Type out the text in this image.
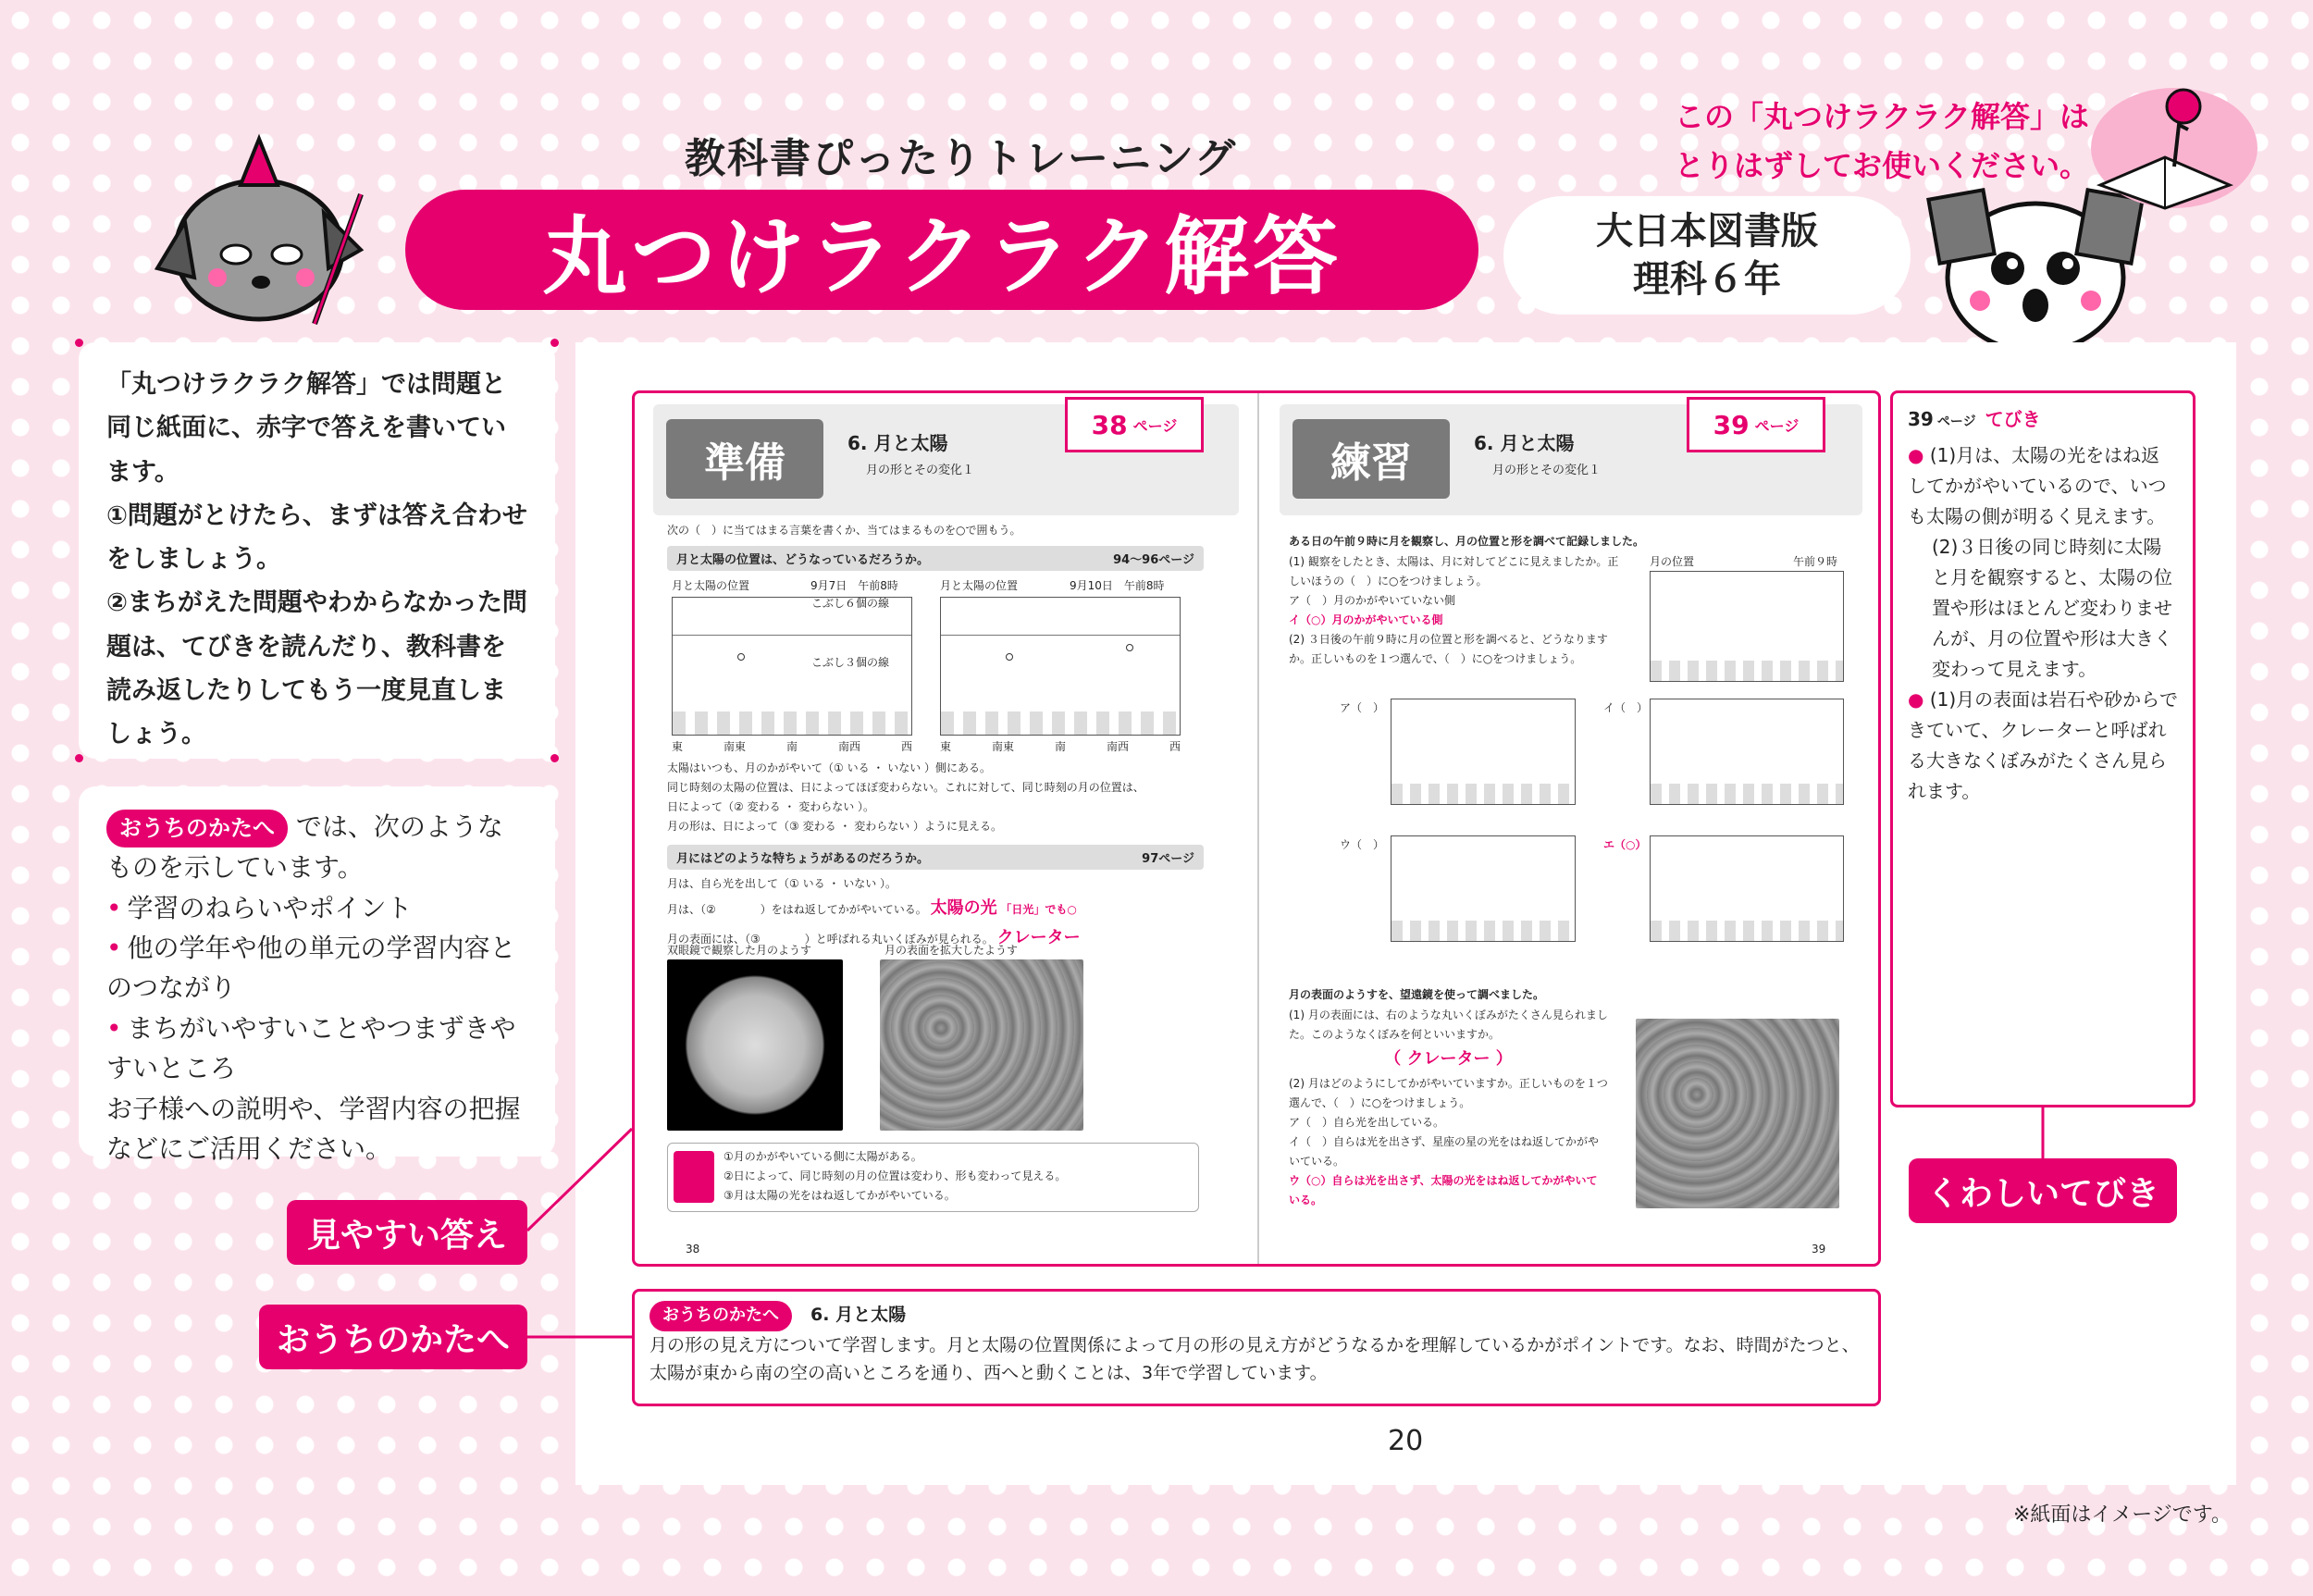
教科書ぴったりトレーニング
丸つけラクラク解答	大日本図書版
理科６年
この「丸つけラクラク解答」は
とりはずしてお使いください。

「丸つけラクラク解答」では問題と同じ紙面に、赤字で答えを書いています。

①問題がとけたら、まずは答え合わせをしましょう。

②まちがえた問題やわからなかった問題は、てびきを読んだり、教科書を読み返したりしてもう一度見直しましょう。

おうちのかたへ では、次のようなものを示しています。

• 学習のねらいやポイント

• 他の学年や他の単元の学習内容とのつながり

• まちがいやすいことやつまずきやすいところ

お子様への説明や、学習内容の把握などにご活用ください。

準備	6. 月と太陽
月の形とその変化１
38 ページ
次の（　）に当てはまる言葉を書くか、当てはまるものを○で囲もう。
月と太陽の位置は、どうなっているだろうか。	94〜96ページ
月と太陽の位置	9月7日　午前8時
こぶし６個の線
こぶし３個の線
月と太陽の位置	9月10日　午前8時
東	南東	南	南西	西	東	南東	南	南西	西
太陽はいつも、月のかがやいて（① いる ・ いない ）側にある。
同じ時刻の太陽の位置は、日によってほぼ変わらない。これに対して、同じ時刻の月の位置は、
日によって（② 変わる ・ 変わらない ）。
月の形は、日によって（③ 変わる ・ 変わらない ）ように見える。
月にはどのような特ちょうがあるのだろうか。	97ページ
月は、自ら光を出して（① いる ・ いない ）。
月は、（②　　　　）をはね返してかがやいている。 太陽の光 「日光」でも○
月の表面には、（③　　　　）と呼ばれる丸いくぼみが見られる。 クレーター
双眼鏡で観察した月のようす	月の表面を拡大したようす
①月のかがやいている側に太陽がある。
②日によって、同じ時刻の月の位置は変わり、形も変わって見える。
③月は太陽の光をはね返してかがやいている。
38
練習	6. 月と太陽
月の形とその変化１
39 ページ
ある日の午前９時に月を観察し、月の位置と形を調べて記録しました。
(1) 観察をしたとき、太陽は、月に対してどこに見えましたか。正しいほうの（　）に○をつけましょう。
ア（　）月のかがやいていない側
イ（○）月のかがやいている側
(2) ３日後の午前９時に月の位置と形を調べると、どうなりますか。正しいものを１つ選んで、（　）に○をつけましょう。
月の位置	午前９時
ア（　）	イ（　）
ウ（　）	エ（○）
月の表面のようすを、望遠鏡を使って調べました。
(1) 月の表面には、右のような丸いくぼみがたくさん見られました。このようなくぼみを何といいますか。
（ クレーター ）
(2) 月はどのようにしてかがやいていますか。正しいものを１つ選んで、（　）に○をつけましょう。
ア（　）自ら光を出している。
イ（　）自らは光を出さず、星座の星の光をはね返してかがやいている。
ウ（○）自らは光を出さず、太陽の光をはね返してかがやいている。
39
39 ページ てびき

● (1)月は、太陽の光をはね返してかがやいているので、いつも太陽の側が明るく見えます。

(2)３日後の同じ時刻に太陽と月を観察すると、太陽の位置や形はほとんど変わりませんが、月の位置や形は大きく変わって見えます。

● (1)月の表面は岩石や砂からできていて、クレーターと呼ばれる大きなくぼみがたくさん見られます。

おうちのかたへ 6. 月と太陽

月の形の見え方について学習します。月と太陽の位置関係によって月の形の見え方がどうなるかを理解しているかがポイントです。なお、時間がたつと、太陽が東から南の空の高いところを通り、西へと動くことは、3年で学習しています。

見やすい答え
おうちのかたへ
くわしいてびき
20
※紙面はイメージです。
